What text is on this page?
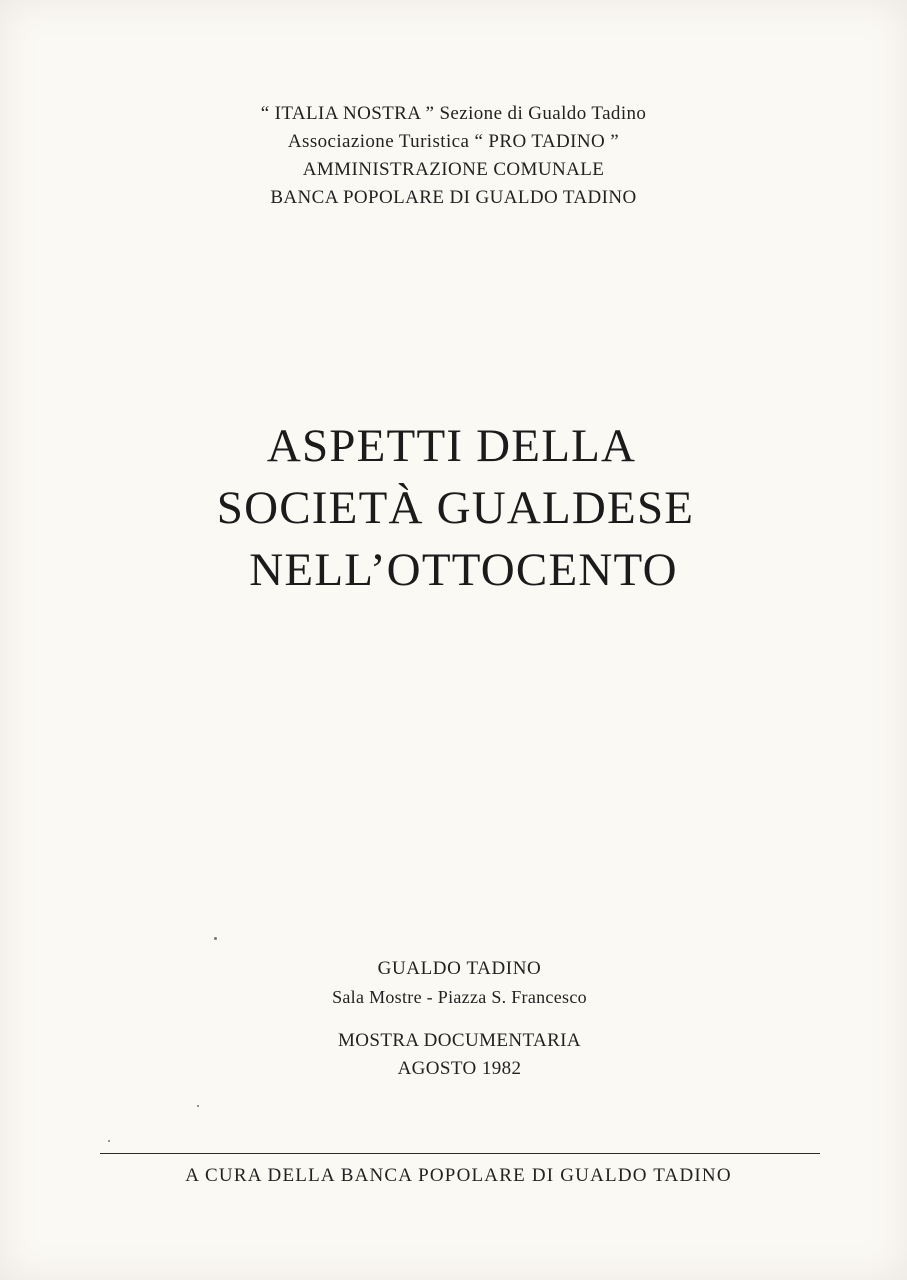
“ ITALIA NOSTRA ” Sezione di Gualdo Tadino
Associazione Turistica “ PRO TADINO ”
AMMINISTRAZIONE COMUNALE
BANCA POPOLARE DI GUALDO TADINO
ASPETTI DELLA
SOCIETÀ GUALDESE
NELL’OTTOCENTO
GUALDO TADINO
Sala Mostre - Piazza S. Francesco
MOSTRA DOCUMENTARIA
AGOSTO 1982
A CURA DELLA BANCA POPOLARE DI GUALDO TADINO
